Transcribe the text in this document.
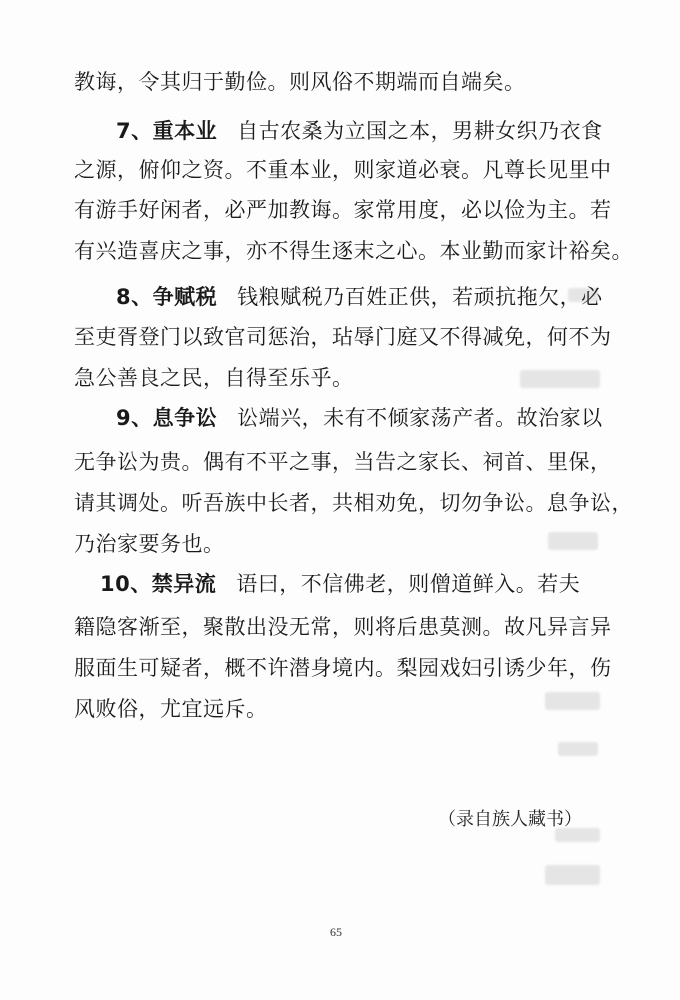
教诲，令其归于勤俭。则风俗不期端而自端矣。
7、重本业 自古农桑为立国之本，男耕女织乃衣食
之源，俯仰之资。不重本业，则家道必衰。凡尊长见里中
有游手好闲者，必严加教诲。家常用度，必以俭为主。若
有兴造喜庆之事，亦不得生逐末之心。本业勤而家计裕矣。
8、争赋税 钱粮赋税乃百姓正供，若顽抗拖欠，必
至吏胥登门以致官司惩治，玷辱门庭又不得减免，何不为
急公善良之民，自得至乐乎。
9、息争讼 讼端兴，未有不倾家荡产者。故治家以
无争讼为贵。偶有不平之事，当告之家长、祠首、里保，
请其调处。听吾族中长者，共相劝免，切勿争讼。息争讼，
乃治家要务也。
10、禁异流 语曰，不信佛老，则僧道鲜入。若夫
籍隐客渐至，聚散出没无常，则将后患莫测。故凡异言异
服面生可疑者，概不许潜身境内。梨园戏妇引诱少年，伤
风败俗，尤宜远斥。
（录自族人藏书）
65
